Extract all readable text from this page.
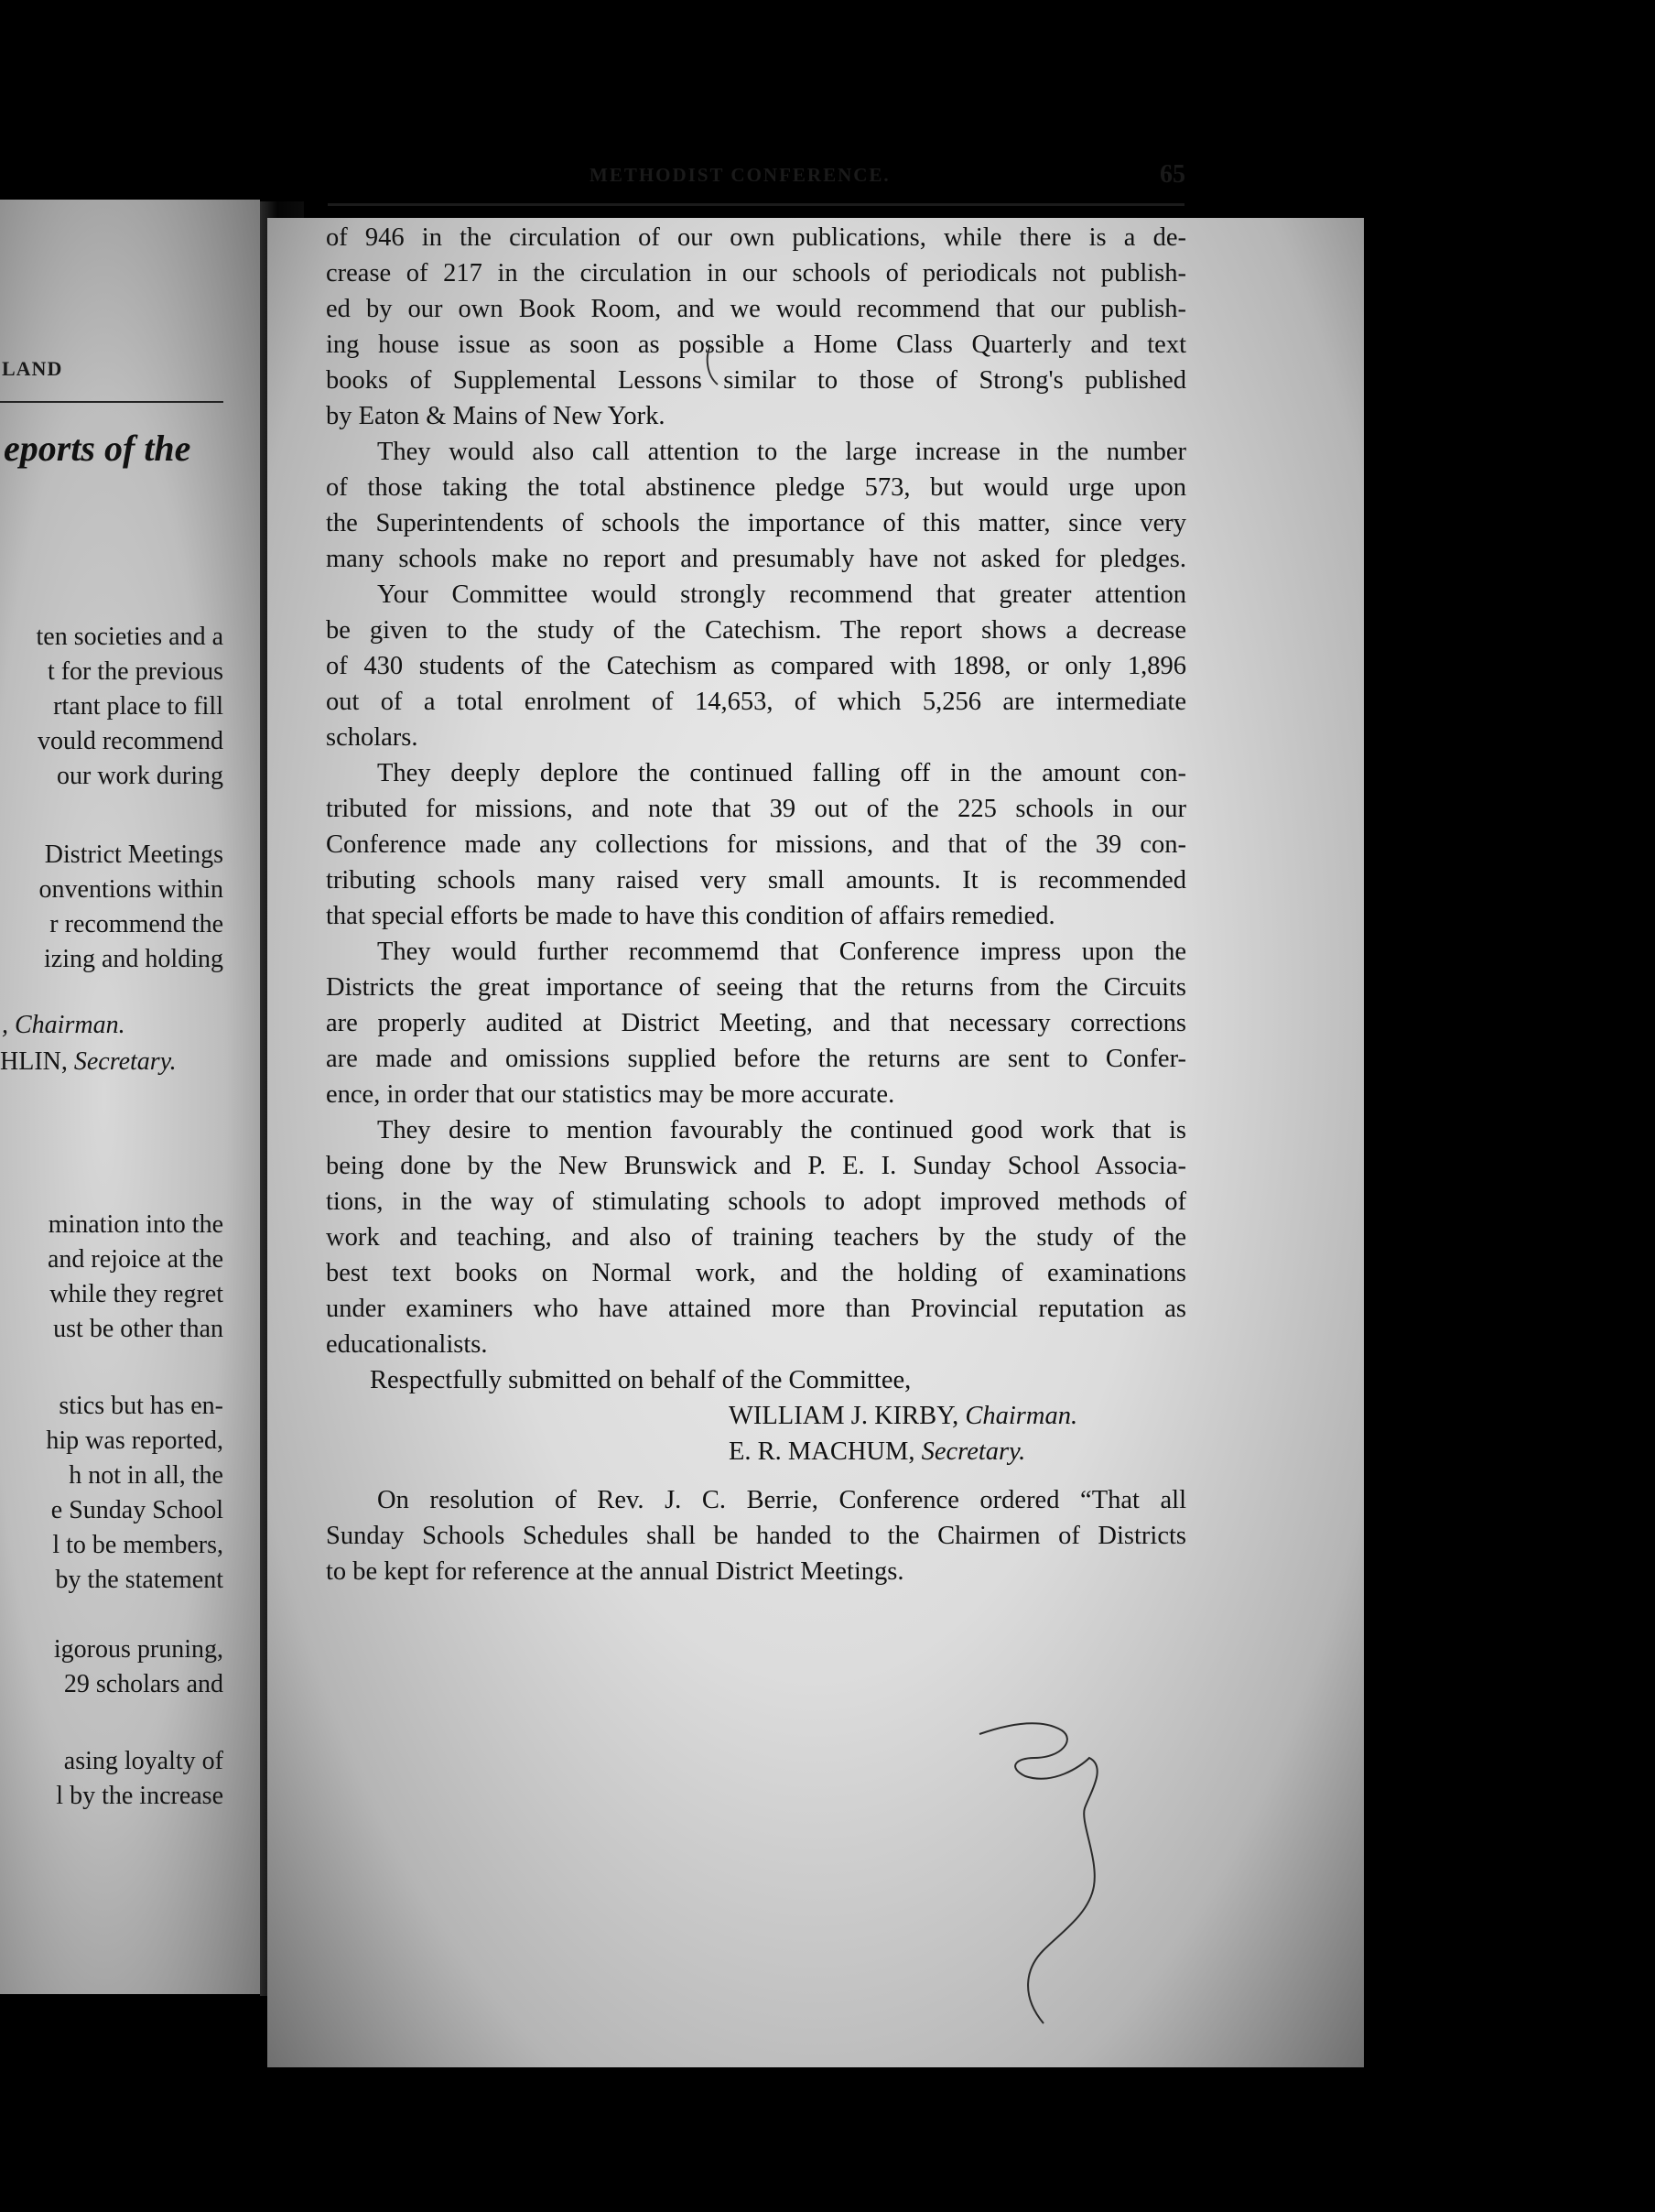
LAND
eports of the
ten societies and a
t for the previous
rtant place to fill
vould recommend
our work during
District Meetings
onventions within
r recommend the
izing and holding
, Chairman.
HLIN, Secretary.
mination into the
and rejoice at the
while they regret
ust be other than
stics but has en-
hip was reported,
h not in all, the
e Sunday School
l to be members,
by the statement
igorous pruning,
29 scholars and
asing loyalty of
l by the increase
METHODIST CONFERENCE.	65
of 946 in the circulation of our own publications, while there is a de-
crease of 217 in the circulation in our schools of periodicals not publish-
ed by our own Book Room, and we would recommend that our publish-
ing house issue as soon as possible a Home Class Quarterly and text
books of Supplemental Lessons similar to those of Strong's published
by Eaton & Mains of New York.
They would also call attention to the large increase in the number
of those taking the total abstinence pledge 573, but would urge upon
the Superintendents of schools the importance of this matter, since very
many schools make no report and presumably have not asked for pledges.
Your Committee would strongly recommend that greater attention
be given to the study of the Catechism. The report shows a decrease
of 430 students of the Catechism as compared with 1898, or only 1,896
out of a total enrolment of 14,653, of which 5,256 are intermediate
scholars.
They deeply deplore the continued falling off in the amount con-
tributed for missions, and note that 39 out of the 225 schools in our
Conference made any collections for missions, and that of the 39 con-
tributing schools many raised very small amounts. It is recommended
that special efforts be made to have this condition of affairs remedied.
They would further recommemd that Conference impress upon the
Districts the great importance of seeing that the returns from the Circuits
are properly audited at District Meeting, and that necessary corrections
are made and omissions supplied before the returns are sent to Confer-
ence, in order that our statistics may be more accurate.
They desire to mention favourably the continued good work that is
being done by the New Brunswick and P. E. I. Sunday School Associa-
tions, in the way of stimulating schools to adopt improved methods of
work and teaching, and also of training teachers by the study of the
best text books on Normal work, and the holding of examinations
under examiners who have attained more than Provincial reputation as
educationalists.
Respectfully submitted on behalf of the Committee,
WILLIAM J. KIRBY, Chairman.
E. R. MACHUM, Secretary.
On resolution of Rev. J. C. Berrie, Conference ordered “That all
Sunday Schools Schedules shall be handed to the Chairmen of Districts
to be kept for reference at the annual District Meetings.
